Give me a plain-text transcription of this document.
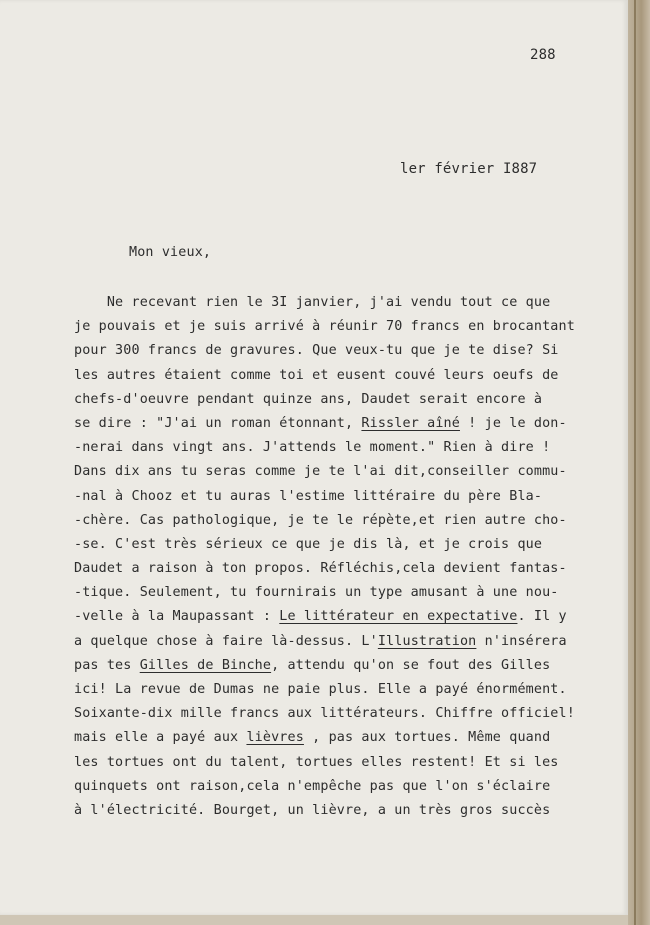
288
ler février I887
Mon vieux,
Ne recevant rien le 3I janvier, j'ai vendu tout ce que
je pouvais et je suis arrivé à réunir 70 francs en brocantant
pour 300 francs de gravures. Que veux-tu que je te dise? Si
les autres étaient comme toi et eusent couvé leurs oeufs de
chefs-d'oeuvre pendant quinze ans, Daudet serait encore à
se dire : "J'ai un roman étonnant, Rissler aîné ! je le don-
-nerai dans vingt ans. J'attends le moment." Rien à dire !
Dans dix ans tu seras comme je te l'ai dit,conseiller commu-
-nal à Chooz et tu auras l'estime littéraire du père Bla-
-chère. Cas pathologique, je te le répète,et rien autre cho-
-se. C'est très sérieux ce que je dis là, et je crois que
Daudet a raison à ton propos. Réfléchis,cela devient fantas-
-tique. Seulement, tu fournirais un type amusant à une nou-
-velle à la Maupassant : Le littérateur en expectative. Il y
a quelque chose à faire là-dessus. L'Illustration n'insérera
pas tes Gilles de Binche, attendu qu'on se fout des Gilles
ici! La revue de Dumas ne paie plus. Elle a payé énormément.
Soixante-dix mille francs aux littérateurs. Chiffre officiel!
mais elle a payé aux lièvres , pas aux tortues. Même quand
les tortues ont du talent, tortues elles restent! Et si les
quinquets ont raison,cela n'empêche pas que l'on s'éclaire
à l'électricité. Bourget, un lièvre, a un très gros succès
